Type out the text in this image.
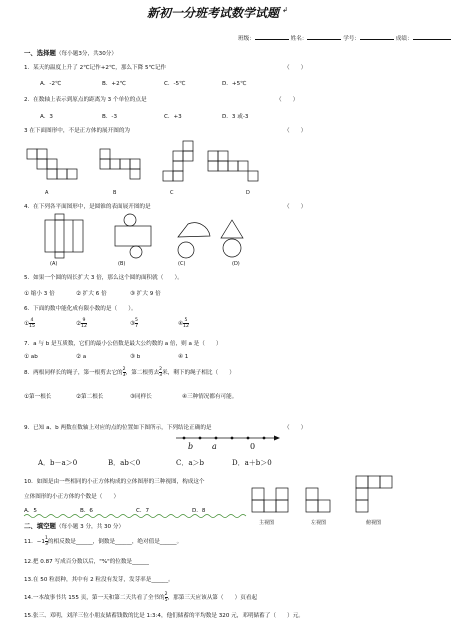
新初一分班考试数学试题 ↲
班级：	姓名：	学号：	成绩：
一、选择题（每小题3分，共30分）
1．某天的温度上升了 2℃记作+2℃，那么下降 5℃记作	（　　）
A．-2℃	B．+2℃	C．-5℃	D．+5℃
2．在数轴上表示到原点的距离为 3 个单位的点是	（　　）
A．3	B．-3	C．+3	D．3 或-3
3 在下面图形中，不是正方体的展开图的为	（　　）
A	B	C	D
4．在下列各平面图形中，是圆锥的表面展开图的是	（　　）
(A)	(B)	(C)	(D)
5．如果一个圆的周长扩大 3 倍，那么这个圆的面积就（　　）。
① 缩小 3 倍	② 扩大 6 倍	③ 扩大 9 倍
6．下面的数中能化成有限小数的是（　　）。
① $\frac{4}{15}$	② $\frac{9}{12}$	③ $\frac{5}{7}$	④ $\frac{5}{12}$
7．a 与 b 是互质数，它们的最小公倍数是最大公约数的 a 倍，则 a 是（　　）
① ab	② a	③ b	④ 1
8．两根同样长的绳子，第一根剪去它的 $\frac{2}{3}$ ，第二根剪去 $\frac{2}{3}$ 米，剩下的绳子相比（　　）
①第一根长	②第二根长	③同样长	④三种情况都有可能。
9．已知 a、b 两数在数轴上对应的点的位置如下图所示，下列结论正确的是	（　　）
b a	0
A．b－a＞0	B．ab＜0	C．a＞b	D．a＋b＞0
10．如图是由一些相同的小正方体构成的立体图形的三种视图，构成这个
立体图形的小正方体的个数是（　　）
A．5	B．6	C．7	D．8
主视图	左视图	俯视图
二、填空题（每小题 3 分，共 30 分）
11．$-1 \frac{1}{3}$ 的相反数是______，倒数是______，绝对值是______。
12.把 0.87 写成百分数以后，"%"的位数是______
13.在 50 粒晨种，其中有 2 粒没有发芽，发芽率是______。
14.一本故事书共 155 页，第一天和第二天共看了全书的 $\frac{2}{5}$ ，那第三天应该从第（　　）页看起
15.张三、邓明，刘洋三位小朋友储蓄钱数的比是 1:3:4，他们储蓄的平均数是 320 元，邓明储蓄了（　　）元。
